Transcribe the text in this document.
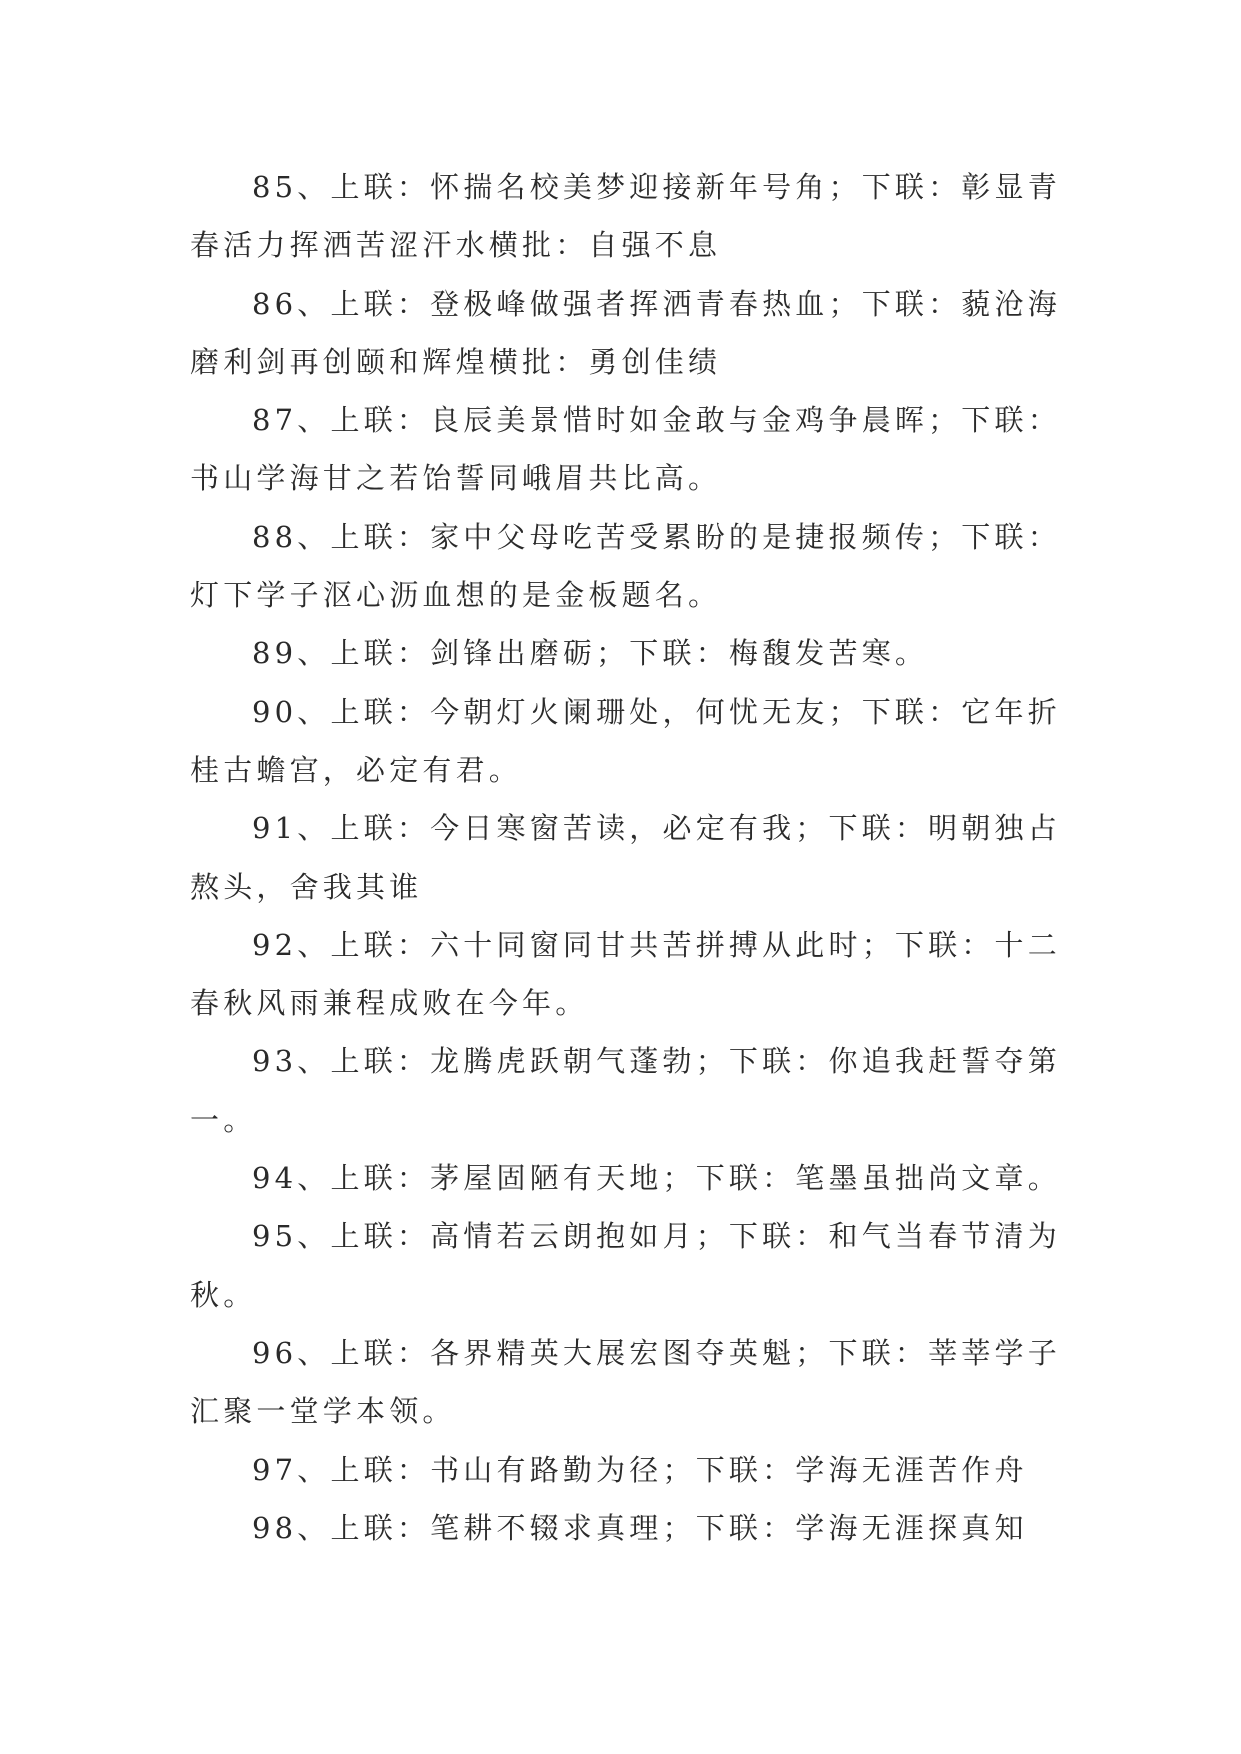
85、上联：怀揣名校美梦迎接新年号角；下联：彰显青
春活力挥洒苦涩汗水横批：自强不息

86、上联：登极峰做强者挥洒青春热血；下联：藐沧海
磨利剑再创颐和辉煌横批：勇创佳绩

87、上联：良辰美景惜时如金敢与金鸡争晨晖；下联：
书山学海甘之若饴誓同峨眉共比高。

88、上联：家中父母吃苦受累盼的是捷报频传；下联：
灯下学子沤心沥血想的是金板题名。

89、上联：剑锋出磨砺；下联：梅馥发苦寒。

90、上联：今朝灯火阑珊处，何忧无友；下联：它年折
桂古蟾宫，必定有君。

91、上联：今日寒窗苦读，必定有我；下联：明朝独占
熬头，舍我其谁

92、上联：六十同窗同甘共苦拼搏从此时；下联：十二
春秋风雨兼程成败在今年。

93、上联：龙腾虎跃朝气蓬勃；下联：你追我赶誓夺第
一。

94、上联：茅屋固陋有天地；下联：笔墨虽拙尚文章。

95、上联：高情若云朗抱如月；下联：和气当春节清为
秋。

96、上联：各界精英大展宏图夺英魁；下联：莘莘学子
汇聚一堂学本领。

97、上联：书山有路勤为径；下联：学海无涯苦作舟

98、上联：笔耕不辍求真理；下联：学海无涯探真知
